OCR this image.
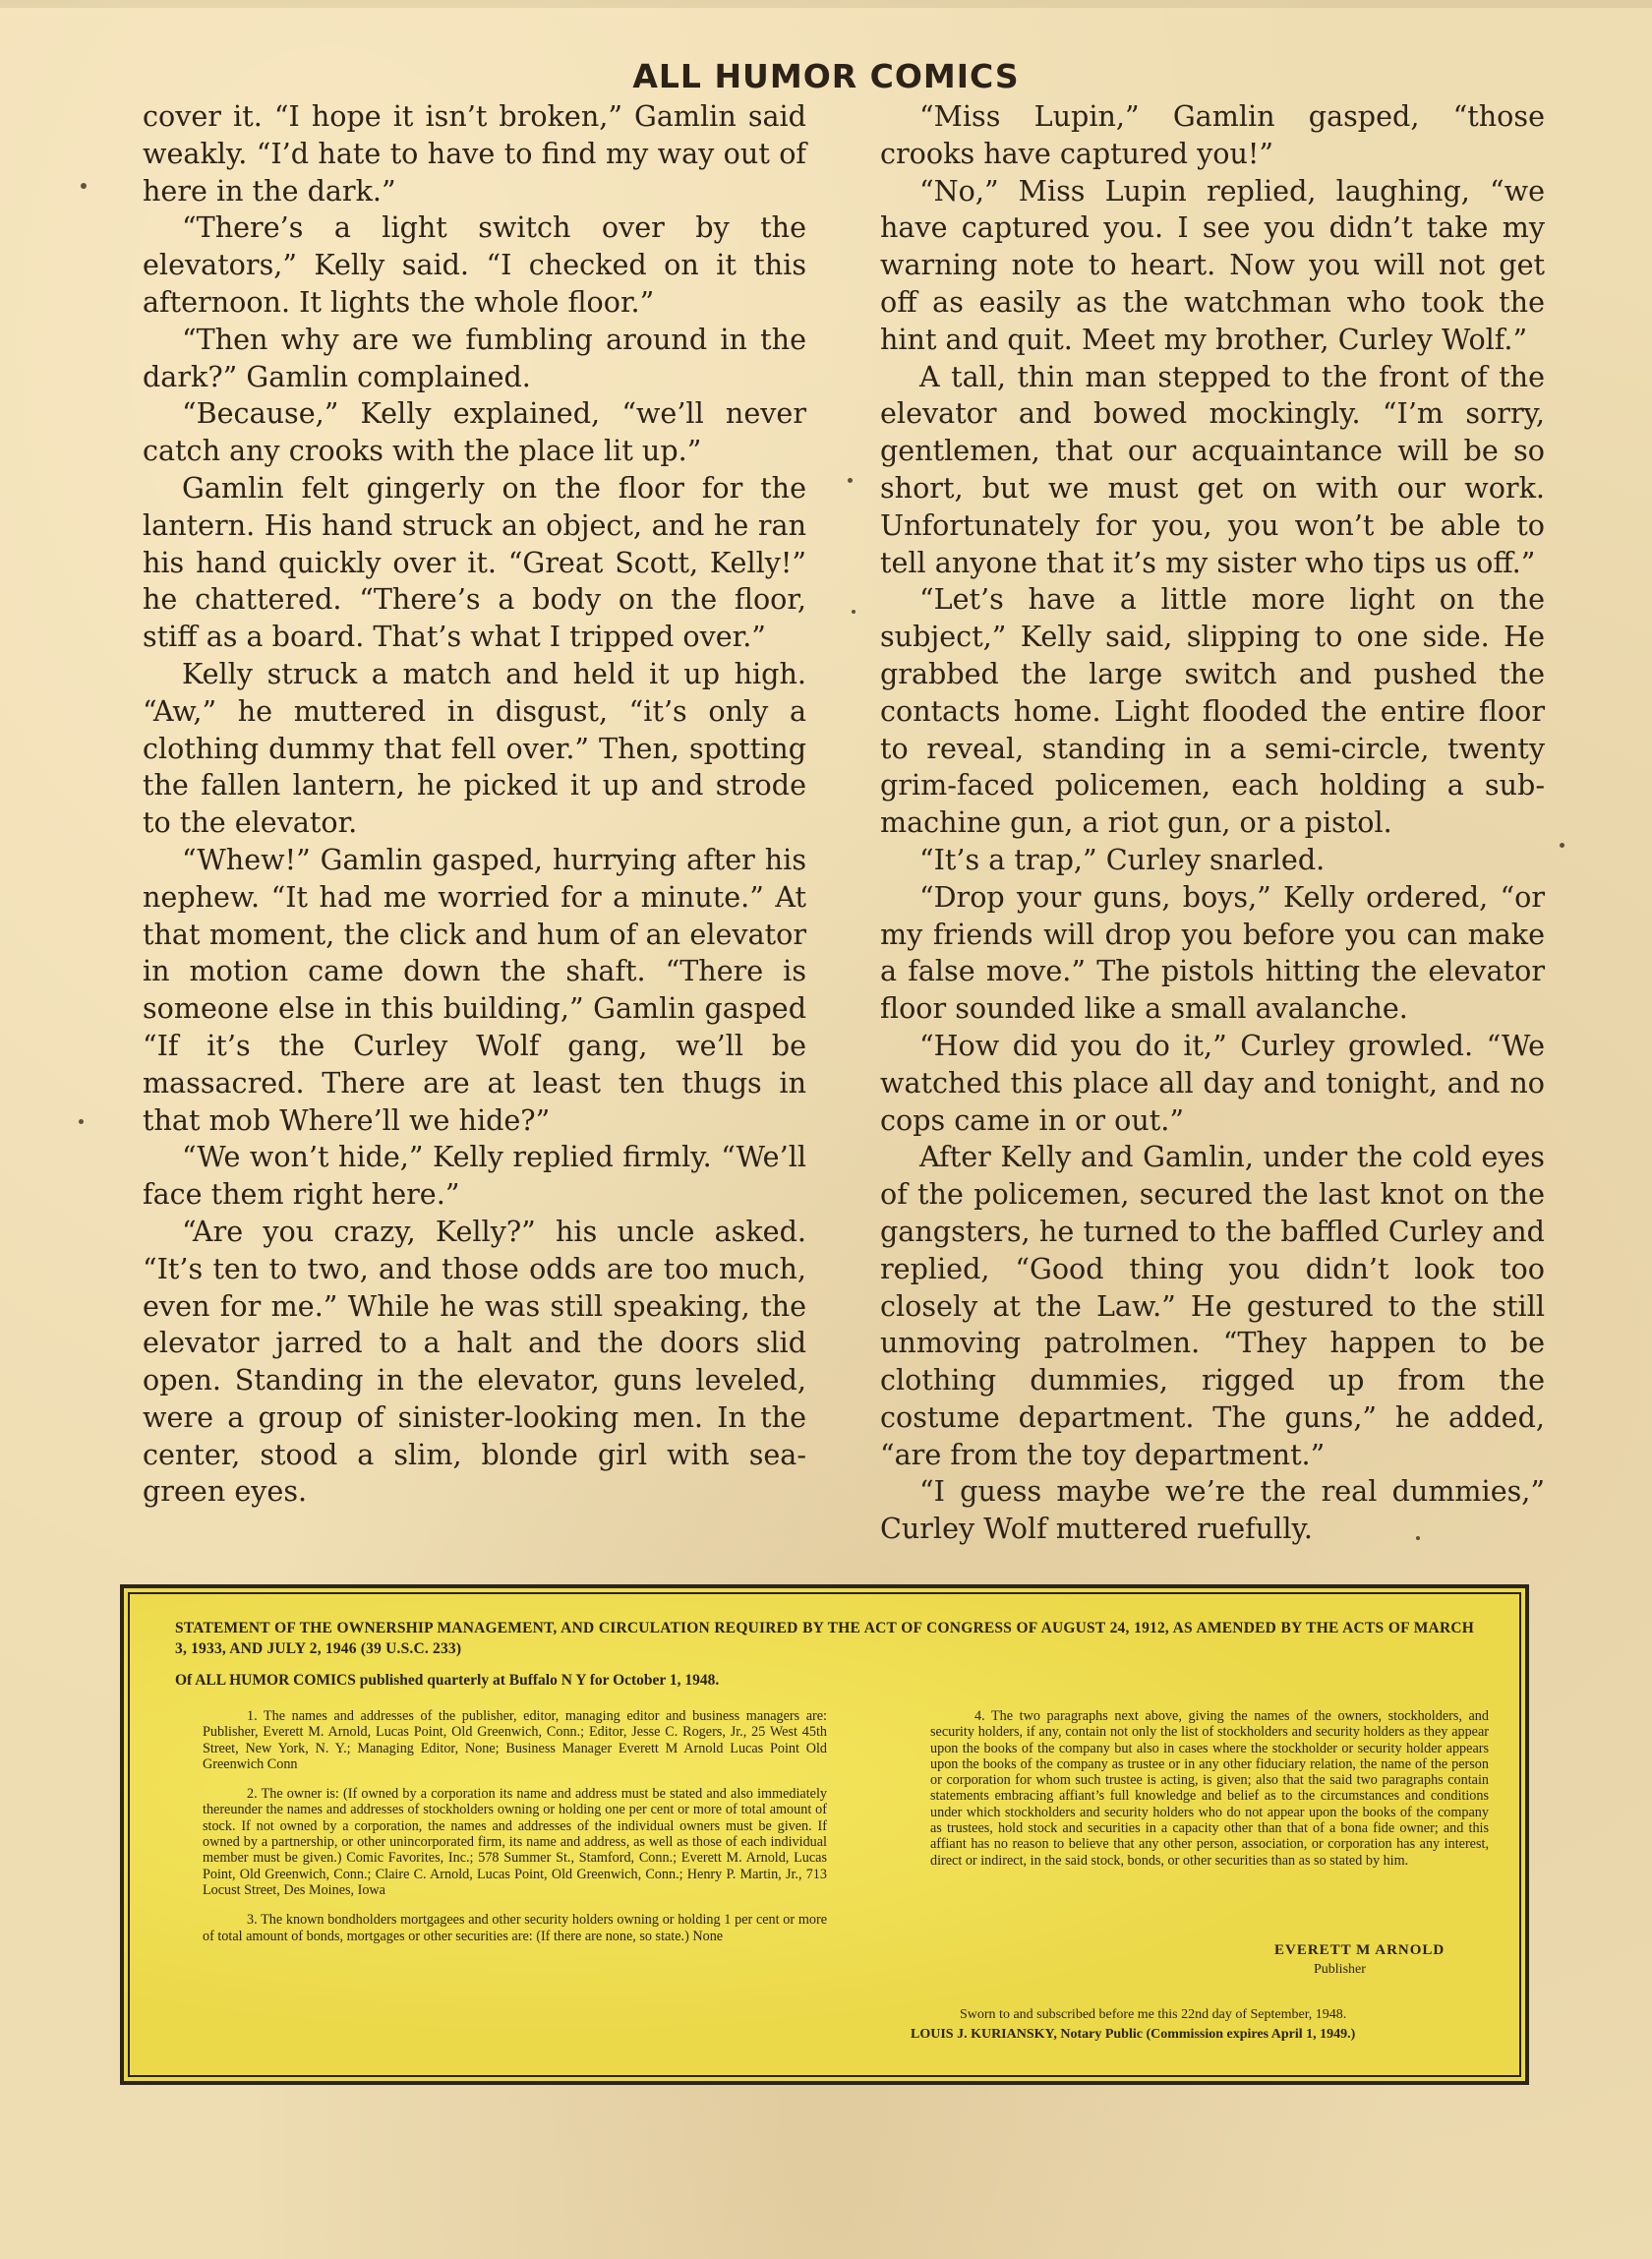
ALL HUMOR COMICS

cover it. “I hope it isn’t broken,” Gamlin said weakly. “I’d hate to have to find my way out of here in the dark.”

“There’s a light switch over by the elevators,” Kelly said. “I checked on it this afternoon. It lights the whole floor.”

“Then why are we fumbling around in the dark?” Gamlin complained.

“Because,” Kelly explained, “we’ll never catch any crooks with the place lit up.”

Gamlin felt gingerly on the floor for the lantern. His hand struck an object, and he ran his hand quickly over it. “Great Scott, Kelly!” he chattered. “There’s a body on the floor, stiff as a board. That’s what I tripped over.”

Kelly struck a match and held it up high. “Aw,” he muttered in disgust, “it’s only a clothing dummy that fell over.” Then, spotting the fallen lantern, he picked it up and strode to the elevator.

“Whew!” Gamlin gasped, hurrying after his nephew. “It had me worried for a minute.” At that moment, the click and hum of an elevator in motion came down the shaft. “There is someone else in this building,” Gamlin gasped “If it’s the Curley Wolf gang, we’ll be massacred. There are at least ten thugs in that mob Where’ll we hide?”

“We won’t hide,” Kelly replied firmly. “We’ll face them right here.”

“Are you crazy, Kelly?” his uncle asked. “It’s ten to two, and those odds are too much, even for me.” While he was still speaking, the elevator jarred to a halt and the doors slid open. Standing in the elevator, guns leveled, were a group of sinister-looking men. In the center, stood a slim, blonde girl with sea-green eyes.

“Miss Lupin,” Gamlin gasped, “those crooks have captured you!”

“No,” Miss Lupin replied, laughing, “we have captured you. I see you didn’t take my warning note to heart. Now you will not get off as easily as the watchman who took the hint and quit. Meet my brother, Curley Wolf.”

A tall, thin man stepped to the front of the elevator and bowed mockingly. “I’m sorry, gentlemen, that our acquaintance will be so short, but we must get on with our work. Unfortunately for you, you won’t be able to tell anyone that it’s my sister who tips us off.”

“Let’s have a little more light on the subject,” Kelly said, slipping to one side. He grabbed the large switch and pushed the contacts home. Light flooded the entire floor to reveal, standing in a semi-circle, twenty grim-faced policemen, each holding a sub-machine gun, a riot gun, or a pistol.

“It’s a trap,” Curley snarled.

“Drop your guns, boys,” Kelly ordered, “or my friends will drop you before you can make a false move.” The pistols hitting the elevator floor sounded like a small avalanche.

“How did you do it,” Curley growled. “We watched this place all day and tonight, and no cops came in or out.”

After Kelly and Gamlin, under the cold eyes of the policemen, secured the last knot on the gangsters, he turned to the baffled Curley and replied, “Good thing you didn’t look too closely at the Law.” He gestured to the still unmoving patrolmen. “They happen to be clothing dummies, rigged up from the costume department. The guns,” he added, “are from the toy department.”

“I guess maybe we’re the real dummies,” Curley Wolf muttered ruefully.

STATEMENT OF THE OWNERSHIP MANAGEMENT, AND CIRCULATION REQUIRED BY THE ACT OF CONGRESS OF AUGUST 24, 1912, AS AMENDED BY THE ACTS OF MARCH 3, 1933, AND JULY 2, 1946 (39 U.S.C. 233)
Of ALL HUMOR COMICS published quarterly at Buffalo N Y for October 1, 1948.

1. The names and addresses of the publisher, editor, managing editor and business managers are: Publisher, Everett M. Arnold, Lucas Point, Old Greenwich, Conn.; Editor, Jesse C. Rogers, Jr., 25 West 45th Street, New York, N. Y.; Managing Editor, None; Business Manager Everett M Arnold Lucas Point Old Greenwich Conn

2. The owner is: (If owned by a corporation its name and address must be stated and also immediately thereunder the names and addresses of stockholders owning or holding one per cent or more of total amount of stock. If not owned by a corporation, the names and addresses of the individual owners must be given. If owned by a partnership, or other unincorporated firm, its name and address, as well as those of each individual member must be given.) Comic Favorites, Inc.; 578 Summer St., Stamford, Conn.; Everett M. Arnold, Lucas Point, Old Greenwich, Conn.; Claire C. Arnold, Lucas Point, Old Greenwich, Conn.; Henry P. Martin, Jr., 713 Locust Street, Des Moines, Iowa

3. The known bondholders mortgagees and other security holders owning or holding 1 per cent or more of total amount of bonds, mortgages or other securities are: (If there are none, so state.) None

4. The two paragraphs next above, giving the names of the owners, stockholders, and security holders, if any, contain not only the list of stockholders and security holders as they appear upon the books of the company but also in cases where the stockholder or security holder appears upon the books of the company as trustee or in any other fiduciary relation, the name of the person or corporation for whom such trustee is acting, is given; also that the said two paragraphs contain statements embracing affiant’s full knowledge and belief as to the circumstances and conditions under which stockholders and security holders who do not appear upon the books of the company as trustees, hold stock and securities in a capacity other than that of a bona fide owner; and this affiant has no reason to believe that any other person, association, or corporation has any interest, direct or indirect, in the said stock, bonds, or other securities than as so stated by him.

EVERETT M ARNOLD
Publisher
Sworn to and subscribed before me this 22nd day of September, 1948.
LOUIS J. KURIANSKY, Notary Public (Commission expires April 1, 1949.)
